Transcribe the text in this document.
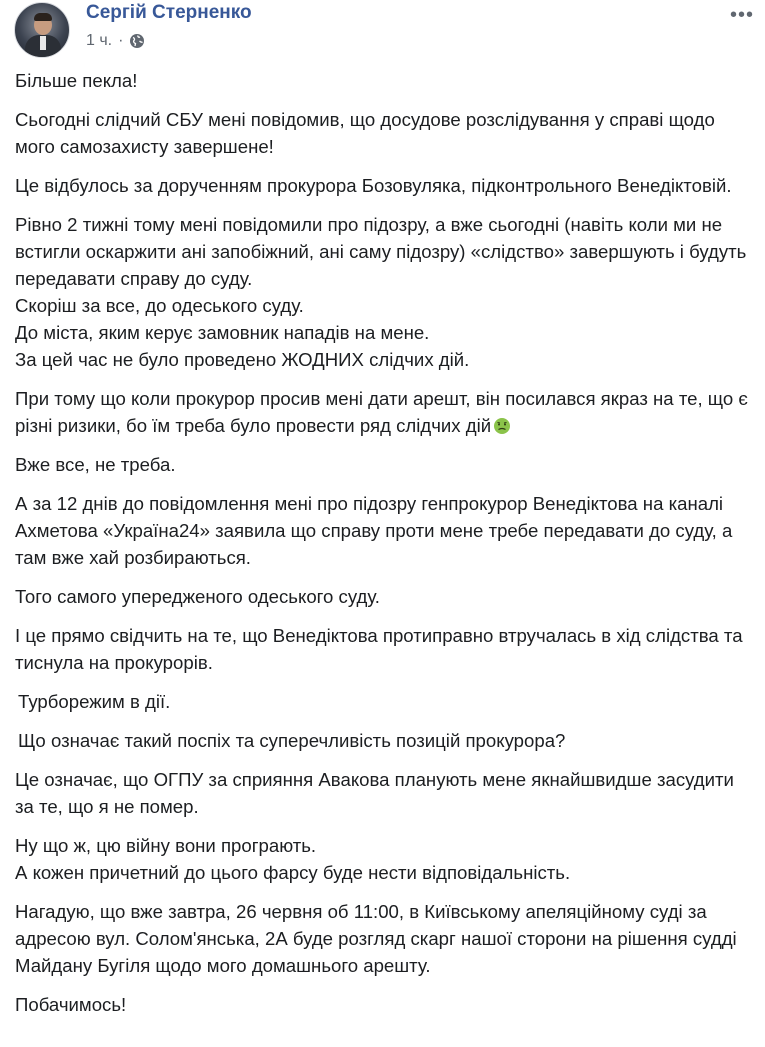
Сергій Стерненко
1 ч. ·
•••

Більше пекла!

Сьогодні слідчий СБУ мені повідомив, що досудове розслідування у справі щодо мого самозахисту завершене!

Це відбулось за дорученням прокурора Бозовуляка, підконтрольного Венедіктовій.

Рівно 2 тижні тому мені повідомили про підозру, а вже сьогодні (навіть коли ми не встигли оскаржити ані запобіжний, ані саму підозру) «слідство» завершують і будуть передавати справу до суду.

Скоріш за все, до одеського суду.

До міста, яким керує замовник нападів на мене.

За цей час не було проведено ЖОДНИХ слідчих дій.

При тому що коли прокурор просив мені дати арешт, він посилався якраз на те, що є різні ризики, бо їм треба було провести ряд слідчих дій

Вже все, не треба.

А за 12 днів до повідомлення мені про підозру генпрокурор Венедіктова на каналі Ахметова «Україна24» заявила що справу проти мене требе передавати до суду, а там вже хай розбираються.

Того самого упередженого одеського суду.

І це прямо свідчить на те, що Венедіктова протиправно втручалась в хід слідства та тиснула на прокурорів.

Турборежим в дії.

Що означає такий поспіх та суперечливість позицій прокурора?

Це означає, що ОГПУ за сприяння Авакова планують мене якнайшвидше засудити за те, що я не помер.

Ну що ж, цю війну вони програють.

А кожен причетний до цього фарсу буде нести відповідальність.

Нагадую, що вже завтра, 26 червня об 11:00, в Київському апеляційному суді за адресою вул. Солом'янська, 2А буде розгляд скарг нашої сторони на рішення судді Майдану Бугіля щодо мого домашнього арешту.

Побачимось!
